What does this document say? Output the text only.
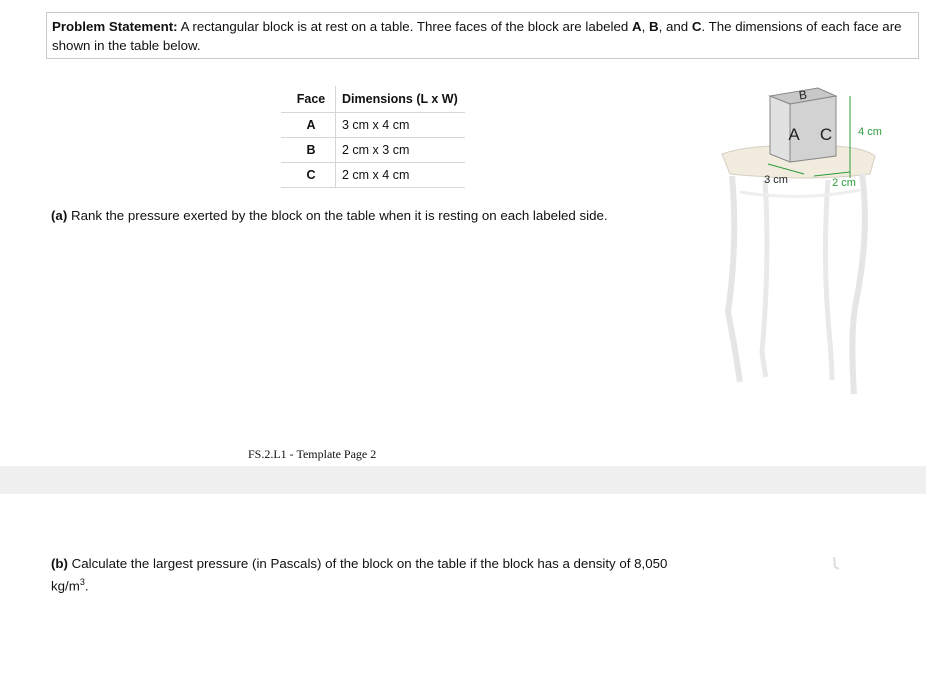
Problem Statement: A rectangular block is at rest on a table. Three faces of the block are labeled A, B, and C. The dimensions of each face are shown in the table below.
Face	Dimensions (L x W)
A	3 cm x 4 cm
B	2 cm x 3 cm
C	2 cm x 4 cm
(a) Rank the pressure exerted by the block on the table when it is resting on each labeled side.
FS.2.L1 - Template Page 2
(b) Calculate the largest pressure (in Pascals) of the block on the table if the block has a density of 8,050 $kg/m^3$.
B
A C 4 cm
3 cm	2 cm
